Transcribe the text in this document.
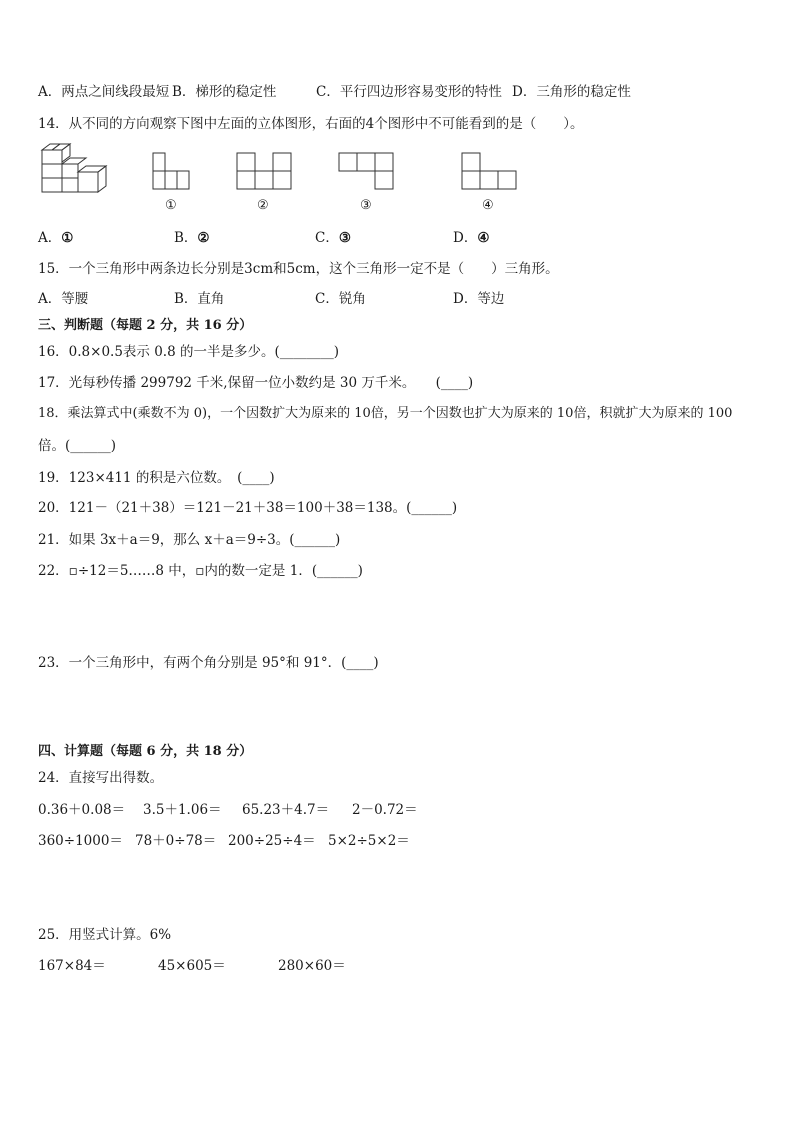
A．两点之间线段最短 B．梯形的稳定性	C．平行四边形容易变形的特性 D．三角形的稳定性
14．从不同的方向观察下图中左面的立体图形，右面的4个图形中不可能看到的是（　　）。
①	②	③	④
A．①	B．②	C．③	D．④
15．一个三角形中两条边长分别是3cm和5cm，这个三角形一定不是（　　）三角形。
A．等腰	B．直角	C．锐角	D．等边
三、判断题（每题 2 分，共 16 分）
16．0.8×0.5表示 0.8 的一半是多少。(________)
17．光每秒传播 299792 千米,保留一位小数约是 30 万千米。　　(____)
18．乘法算式中(乘数不为 0)，一个因数扩大为原来的 10倍，另一个因数也扩大为原来的 10倍，积就扩大为原来的 100
倍。(______)
19．123×411 的积是六位数。　(____)
20．121－（21＋38）＝121－21＋38＝100＋38＝138。(______)
21．如果 3x＋a＝9，那么 x＋a＝9÷3。(______)
22．▫÷12＝5……8 中，▫内的数一定是 1．(______)
23．一个三角形中，有两个角分别是 95°和 91°．(____)
四、计算题（每题 6 分，共 18 分）
24．直接写出得数。
0.36＋0.08＝ 3.5＋1.06＝ 65.23＋4.7＝ 2－0.72＝
360÷1000＝ 78＋0÷78＝ 200÷25÷4＝ 5×2÷5×2＝
25．用竖式计算。6%
167×84＝	45×605＝	280×60＝
